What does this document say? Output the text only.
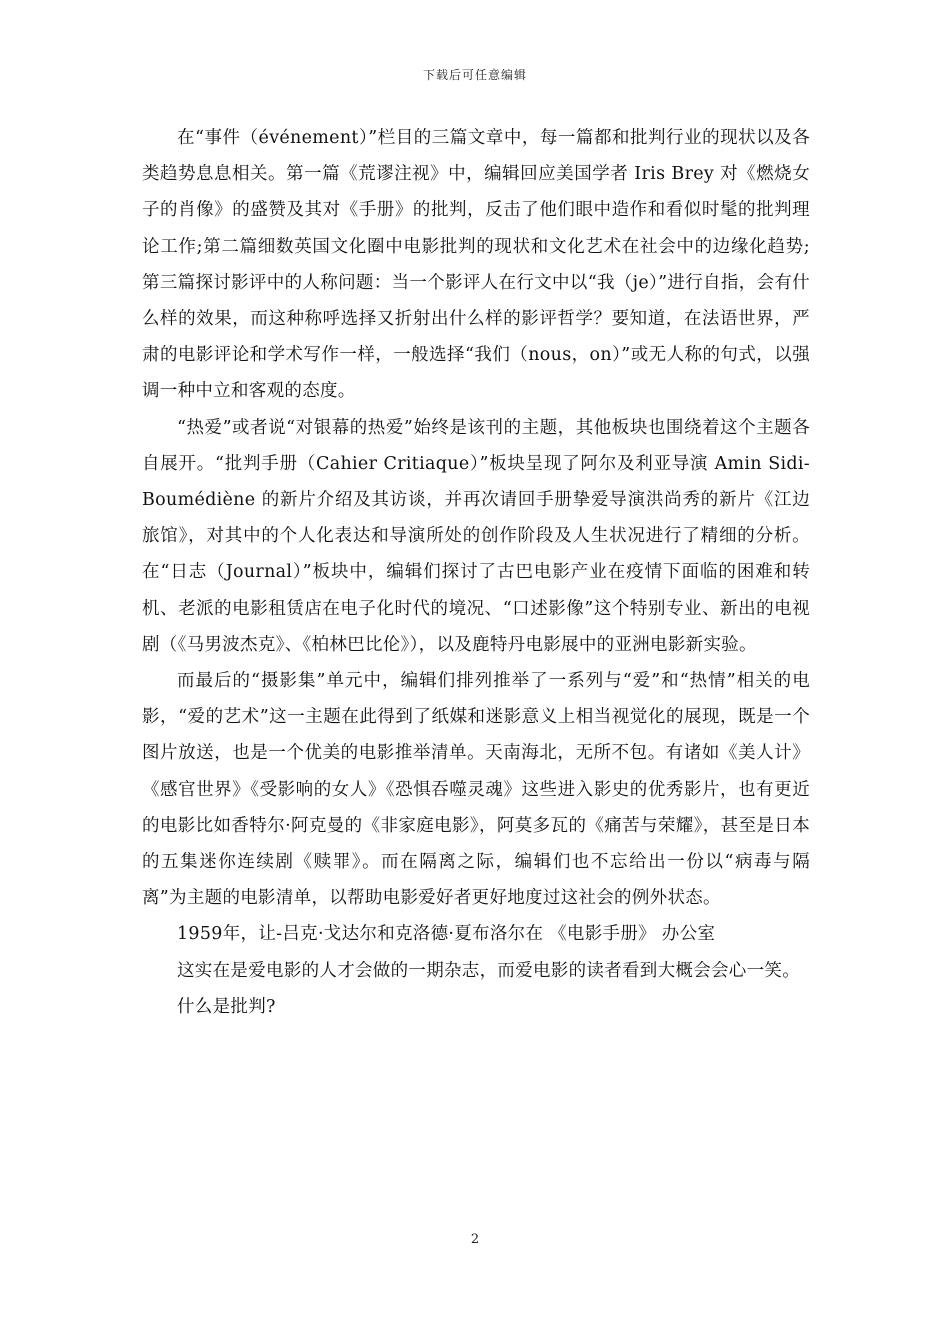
下载后可任意编辑

在“事件（événement）”栏目的三篇文章中，每一篇都和批判行业的现状以及各类趋势息息相关。第一篇《荒谬注视》中，编辑回应美国学者 Iris Brey 对《燃烧女子的肖像》的盛赞及其对《手册》的批判，反击了他们眼中造作和看似时髦的批判理论工作;第二篇细数英国文化圈中电影批判的现状和文化艺术在社会中的边缘化趋势;第三篇探讨影评中的人称问题：当一个影评人在行文中以“我（je）”进行自指，会有什么样的效果，而这种称呼选择又折射出什么样的影评哲学？要知道，在法语世界，严肃的电影评论和学术写作一样，一般选择“我们（nous，on）”或无人称的句式，以强调一种中立和客观的态度。

“热爱”或者说“对银幕的热爱”始终是该刊的主题，其他板块也围绕着这个主题各自展开。“批判手册（Cahier Critiaque）”板块呈现了阿尔及利亚导演 Amin Sidi-Boumédiène 的新片介绍及其访谈，并再次请回手册挚爱导演洪尚秀的新片《江边旅馆》，对其中的个人化表达和导演所处的创作阶段及人生状况进行了精细的分析。在“日志（Journal）”板块中，编辑们探讨了古巴电影产业在疫情下面临的困难和转机、老派的电影租赁店在电子化时代的境况、“口述影像”这个特别专业、新出的电视剧（《马男波杰克》、《柏林巴比伦》），以及鹿特丹电影展中的亚洲电影新实验。

而最后的“摄影集”单元中，编辑们排列推举了一系列与“爱”和“热情”相关的电影，“爱的艺术”这一主题在此得到了纸媒和迷影意义上相当视觉化的展现，既是一个图片放送，也是一个优美的电影推举清单。天南海北，无所不包。有诸如《美人计》《感官世界》《受影响的女人》《恐惧吞噬灵魂》这些进入影史的优秀影片，也有更近的电影比如香特尔·阿克曼的《非家庭电影》，阿莫多瓦的《痛苦与荣耀》，甚至是日本的五集迷你连续剧《赎罪》。而在隔离之际，编辑们也不忘给出一份以“病毒与隔离”为主题的电影清单，以帮助电影爱好者更好地度过这社会的例外状态。

1959年，让-吕克·戈达尔和克洛德·夏布洛尔在 《电影手册》 办公室

这实在是爱电影的人才会做的一期杂志，而爱电影的读者看到大概会会心一笑。

什么是批判?

2
